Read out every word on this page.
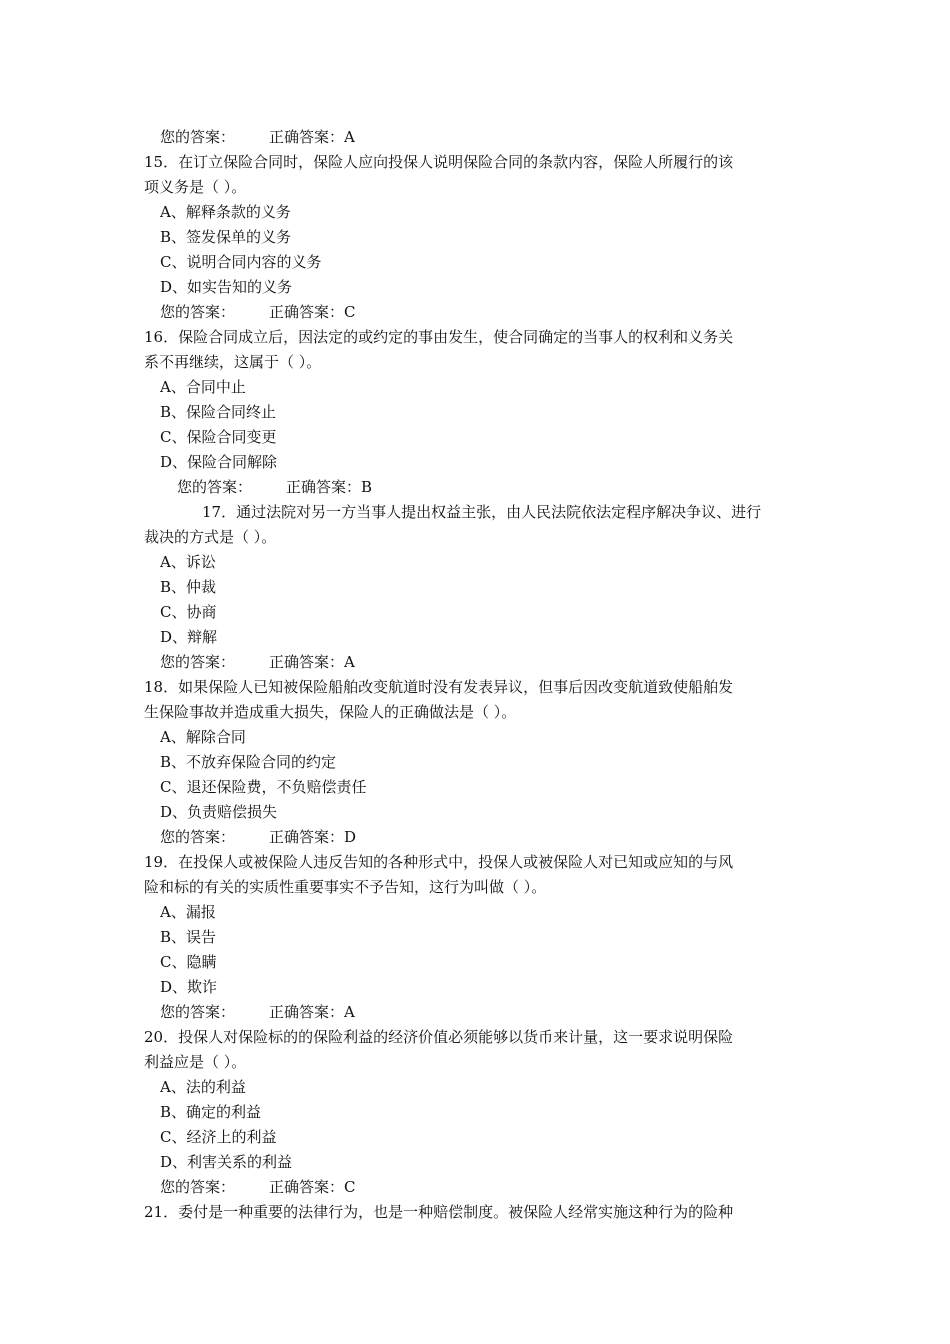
您的答案： 正确答案：A
15．在订立保险合同时，保险人应向投保人说明保险合同的条款内容，保险人所履行的该
项义务是（ ）。
A、解释条款的义务
B、签发保单的义务
C、说明合同内容的义务
D、如实告知的义务
您的答案： 正确答案：C
16．保险合同成立后，因法定的或约定的事由发生，使合同确定的当事人的权利和义务关
系不再继续，这属于（ ）。
A、合同中止
B、保险合同终止
C、保险合同变更
D、保险合同解除
您的答案： 正确答案：B
17．通过法院对另一方当事人提出权益主张，由人民法院依法定程序解决争议、进行
裁决的方式是（ ）。
A、诉讼
B、仲裁
C、协商
D、辩解
您的答案： 正确答案：A
18．如果保险人已知被保险船舶改变航道时没有发表异议，但事后因改变航道致使船舶发
生保险事故并造成重大损失，保险人的正确做法是（ ）。
A、解除合同
B、不放弃保险合同的约定
C、退还保险费，不负赔偿责任
D、负责赔偿损失
您的答案： 正确答案：D
19．在投保人或被保险人违反告知的各种形式中，投保人或被保险人对已知或应知的与风
险和标的有关的实质性重要事实不予告知，这行为叫做（ ）。
A、漏报
B、误告
C、隐瞒
D、欺诈
您的答案： 正确答案：A
20．投保人对保险标的的保险利益的经济价值必须能够以货币来计量，这一要求说明保险
利益应是（ ）。
A、法的利益
B、确定的利益
C、经济上的利益
D、利害关系的利益
您的答案： 正确答案：C
21．委付是一种重要的法律行为，也是一种赔偿制度。被保险人经常实施这种行为的险种
